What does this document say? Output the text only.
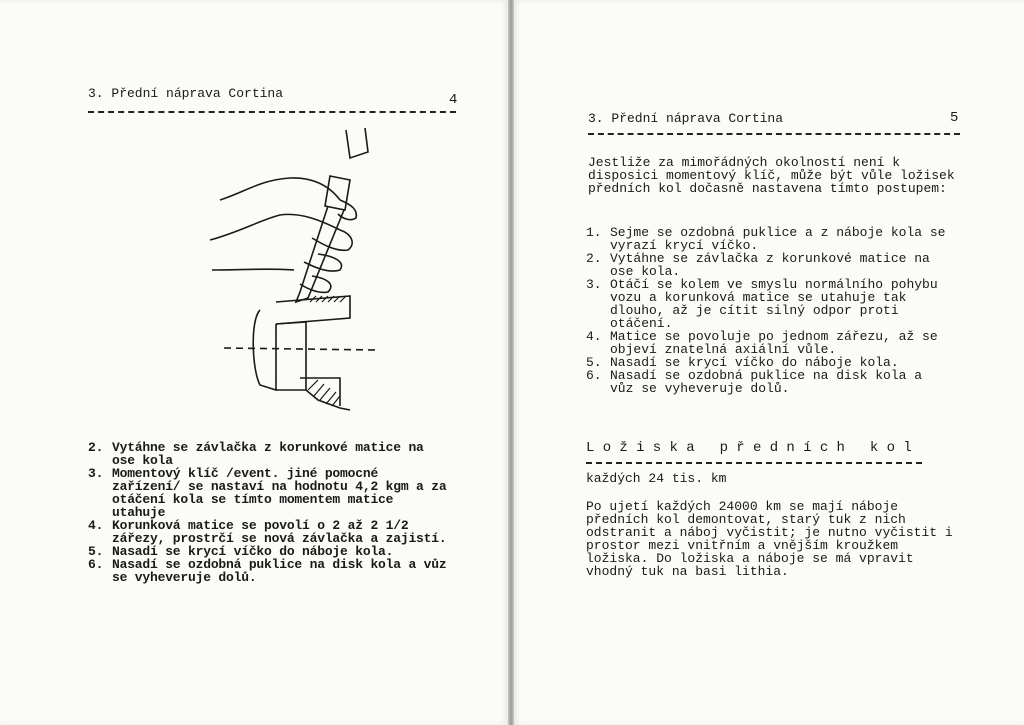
3. Přední náprava Cortina	4
2. Vytáhne se závlačka z korunkové matice na ose kola
3. Momentový klíč /event. jiné pomocné zařízení/ se nastaví na hodnotu 4,2 kgm a za otáčení kola se tímto momentem matice utahuje
4. Korunková matice se povolí o 2 až 2 1/2 zářezy, prostrčí se nová závlačka a zajistí.
5. Nasadí se krycí víčko do náboje kola.
6. Nasadí se ozdobná puklice na disk kola a vůz se vyheveruje dolů.
3. Přední náprava Cortina	5

Jestliže za mimořádných okolností není k disposici momentový klíč, může být vůle ložisek předních kol dočasně nastavena tímto postupem:

1. Sejme se ozdobná puklice a z náboje kola se vyrazí krycí víčko.
2. Vytáhne se závlačka z korunkové matice na ose kola.
3. Otáčí se kolem ve smyslu normálního pohybu vozu a korunková matice se utahuje tak dlouho, až je cítit silný odpor proti otáčení.
4. Matice se povoluje po jednom zářezu, až se objeví znatelná axiální vůle.
5. Nasadí se krycí víčko do náboje kola.
6. Nasadí se ozdobná puklice na disk kola a vůz se vyheveruje dolů.
Ložiska předních kol
každých 24 tis. km

Po ujetí každých 24000 km se mají náboje předních kol demontovat, starý tuk z nich odstranit a náboj vyčistit; je nutno vyčistit i prostor mezi vnitřním a vnějším kroužkem ložiska. Do ložiska a náboje se má vpravit vhodný tuk na basi lithia.
